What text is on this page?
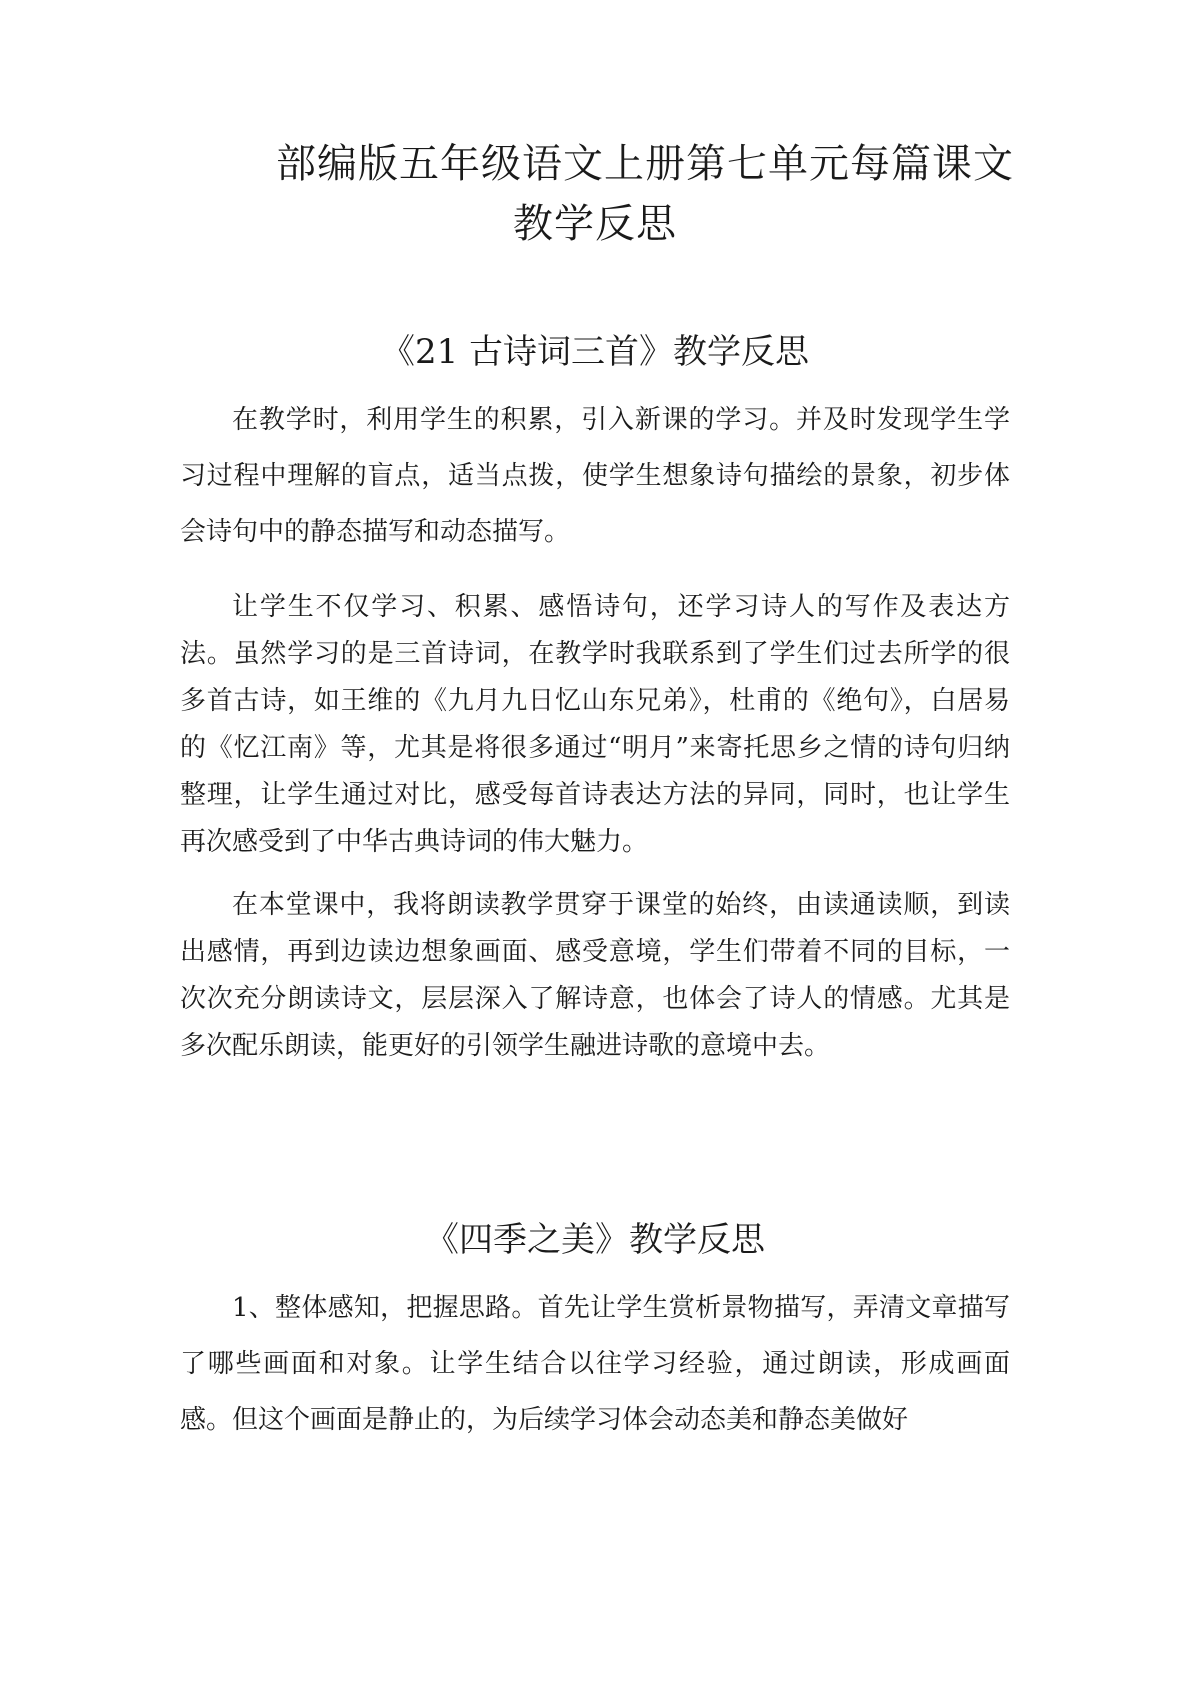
部编版五年级语文上册第七单元每篇课文
教学反思
《21 古诗词三首》教学反思

在教学时，利用学生的积累，引入新课的学习。并及时发现学生学习过程中理解的盲点，适当点拨，使学生想象诗句描绘的景象，初步体会诗句中的静态描写和动态描写。

让学生不仅学习、积累、感悟诗句，还学习诗人的写作及表达方法。虽然学习的是三首诗词，在教学时我联系到了学生们过去所学的很多首古诗，如王维的《九月九日忆山东兄弟》，杜甫的《绝句》，白居易的《忆江南》等，尤其是将很多通过“明月”来寄托思乡之情的诗句归纳整理，让学生通过对比，感受每首诗表达方法的异同，同时，也让学生再次感受到了中华古典诗词的伟大魅力。

在本堂课中，我将朗读教学贯穿于课堂的始终，由读通读顺，到读出感情，再到边读边想象画面、感受意境，学生们带着不同的目标，一次次充分朗读诗文，层层深入了解诗意，也体会了诗人的情感。尤其是多次配乐朗读，能更好的引领学生融进诗歌的意境中去。

《四季之美》教学反思

1、整体感知，把握思路。首先让学生赏析景物描写，弄清文章描写了哪些画面和对象。让学生结合以往学习经验，通过朗读，形成画面感。但这个画面是静止的，为后续学习体会动态美和静态美做好
